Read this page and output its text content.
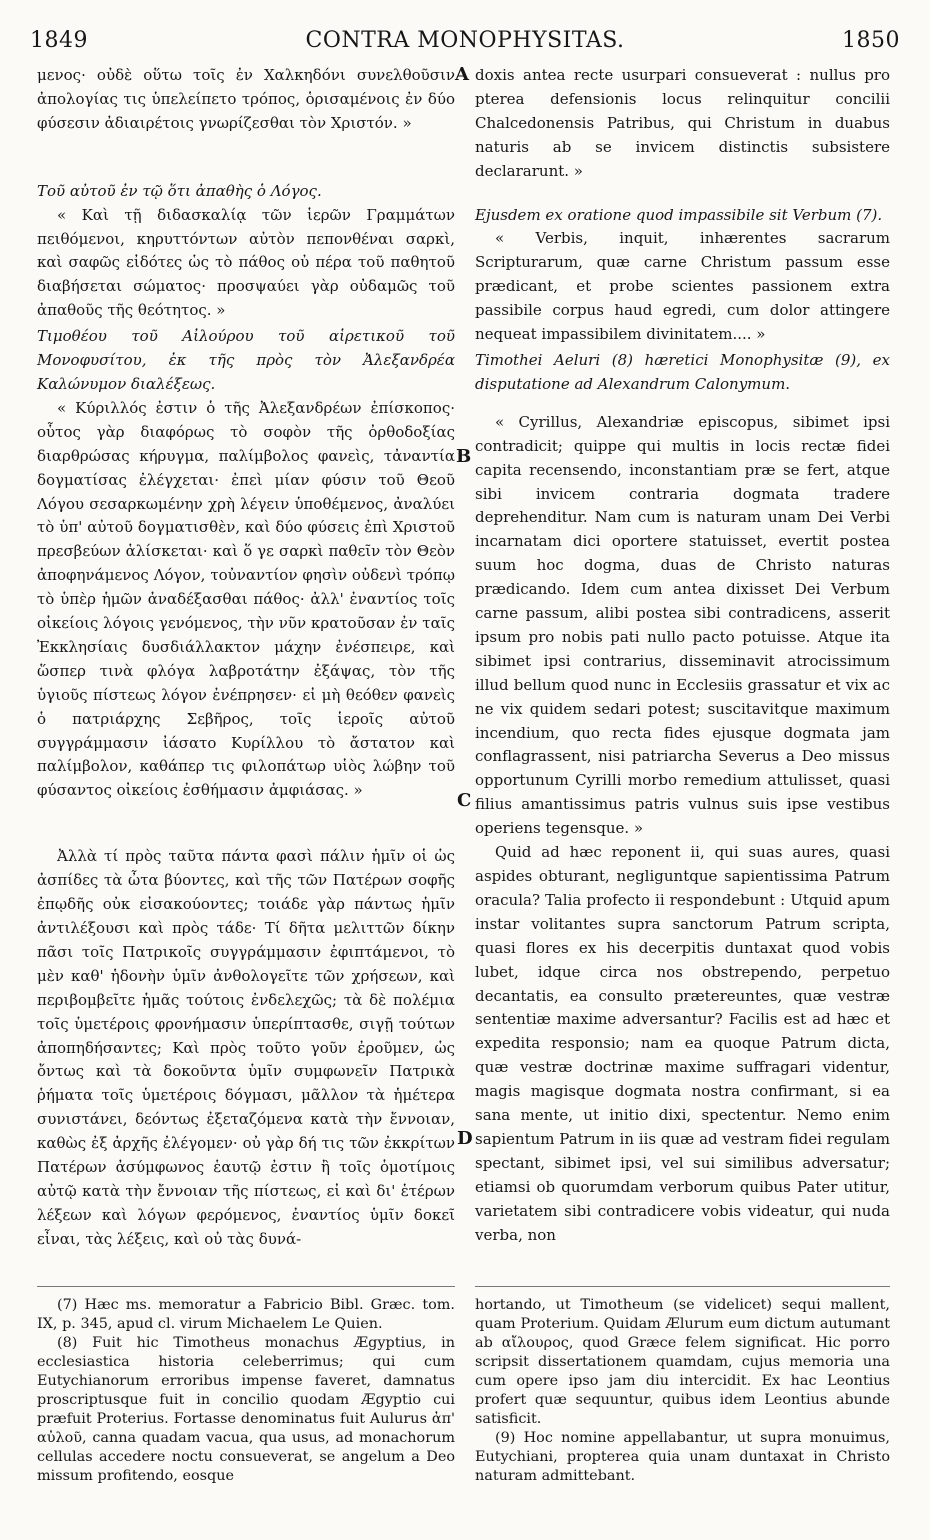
1849	CONTRA MONOPHYSITAS.	1850
A
B
C
D

μενος· οὐδὲ οὕτω τοῖς ἐν Χαλκηδόνι συνελθοῦσιν ἀπολογίας τις ὑπελείπετο τρόπος, ὁρισαμένοις ἐν δύο φύσεσιν ἀδιαιρέτοις γνωρίζεσθαι τὸν Χριστόν. »

Τοῦ αὐτοῦ ἐν τῷ ὅτι ἀπαθὴς ὁ Λόγος.

« Καὶ τῇ διδασκαλίᾳ τῶν ἱερῶν Γραμμάτων πειθόμενοι, κηρυττόντων αὐτὸν πεπονθέναι σαρκὶ, καὶ σαφῶς εἰδότες ὡς τὸ πάθος οὐ πέρα τοῦ παθητοῦ διαβήσεται σώματος· προσψαύει γὰρ οὐδαμῶς τοῦ ἀπαθοῦς τῆς θεότητος. »

Τιμοθέου τοῦ Αἰλούρου τοῦ αἱρετικοῦ τοῦ Μονοφυσίτου, ἐκ τῆς πρὸς τὸν Ἀλεξανδρέα Καλώνυμον διαλέξεως.

« Κύριλλός ἐστιν ὁ τῆς Ἀλεξανδρέων ἐπίσκοπος· οὗτος γὰρ διαφόρως τὸ σοφὸν τῆς ὀρθοδοξίας διαρθρώσας κήρυγμα, παλίμβολος φανεὶς, τἀναντία δογματίσας ἐλέγχεται· ἐπεὶ μίαν φύσιν τοῦ Θεοῦ Λόγου σεσαρκωμένην χρὴ λέγειν ὑποθέμενος, ἀναλύει τὸ ὑπ' αὐτοῦ δογματισθὲν, καὶ δύο φύσεις ἐπὶ Χριστοῦ πρεσβεύων ἁλίσκεται· καὶ ὅ γε σαρκὶ παθεῖν τὸν Θεὸν ἀποφηνάμενος Λόγον, τοὐναντίον φησὶν οὐδενὶ τρόπῳ τὸ ὑπὲρ ἡμῶν ἀναδέξασθαι πάθος· ἀλλ' ἐναντίος τοῖς οἰκείοις λόγοις γενόμενος, τὴν νῦν κρατοῦσαν ἐν ταῖς Ἐκκλησίαις δυσδιάλλακτον μάχην ἐνέσπειρε, καὶ ὥσπερ τινὰ φλόγα λαβροτάτην ἐξάψας, τὸν τῆς ὑγιοῦς πίστεως λόγον ἐνέπρησεν· εἰ μὴ θεόθεν φανεὶς ὁ πατριάρχης Σεβῆρος, τοῖς ἱεροῖς αὐτοῦ συγγράμμασιν ἰάσατο Κυρίλλου τὸ ἄστατον καὶ παλίμβολον, καθάπερ τις φιλοπάτωρ υἱὸς λώβην τοῦ φύσαντος οἰκείοις ἐσθήμασιν ἀμφιάσας. »

Ἀλλὰ τί πρὸς ταῦτα πάντα φασὶ πάλιν ἡμῖν οἱ ὡς ἀσπίδες τὰ ὦτα βύοντες, καὶ τῆς τῶν Πατέρων σοφῆς ἐπῳδῆς οὐκ εἰσακούοντες; τοιάδε γὰρ πάντως ἡμῖν ἀντιλέξουσι καὶ πρὸς τάδε· Τί δῆτα μελιττῶν δίκην πᾶσι τοῖς Πατρικοῖς συγγράμμασιν ἐφιπτάμενοι, τὸ μὲν καθ' ἡδονὴν ὑμῖν ἀνθολογεῖτε τῶν χρήσεων, καὶ περιβομβεῖτε ἡμᾶς τούτοις ἐνδελεχῶς; τὰ δὲ πολέμια τοῖς ὑμετέροις φρονήμασιν ὑπερίπτασθε, σιγῇ τούτων ἀποπηδήσαντες; Καὶ πρὸς τοῦτο γοῦν ἐροῦμεν, ὡς ὄντως καὶ τὰ δοκοῦντα ὑμῖν συμφωνεῖν Πατρικὰ ῥήματα τοῖς ὑμετέροις δόγμασι, μᾶλλον τὰ ἡμέτερα συνιστάνει, δεόντως ἐξεταζόμενα κατὰ τὴν ἔννοιαν, καθὼς ἐξ ἀρχῆς ἐλέγομεν· οὐ γὰρ δή τις τῶν ἐκκρίτων Πατέρων ἀσύμφωνος ἑαυτῷ ἐστιν ἢ τοῖς ὁμοτίμοις αὐτῷ κατὰ τὴν ἔννοιαν τῆς πίστεως, εἰ καὶ δι' ἑτέρων λέξεων καὶ λόγων φερόμενος, ἐναντίος ὑμῖν δοκεῖ εἶναι, τὰς λέξεις, καὶ οὐ τὰς δυνά-

doxis antea recte usurpari consueverat : nullus pro pterea defensionis locus relinquitur concilii Chalcedonensis Patribus, qui Christum in duabus naturis ab se invicem distinctis subsistere declararunt. »

Ejusdem ex oratione quod impassibile sit Verbum (7).

« Verbis, inquit, inhærentes sacrarum Scripturarum, quæ carne Christum passum esse prædicant, et probe scientes passionem extra passibile corpus haud egredi, cum dolor attingere nequeat impassibilem divinitatem.... »

Timothei Aeluri (8) hæretici Monophysitæ (9), ex disputatione ad Alexandrum Calonymum.

« Cyrillus, Alexandriæ episcopus, sibimet ipsi contradicit; quippe qui multis in locis rectæ fidei capita recensendo, inconstantiam præ se fert, atque sibi invicem contraria dogmata tradere deprehenditur. Nam cum is naturam unam Dei Verbi incarnatam dici oportere statuisset, evertit postea suum hoc dogma, duas de Christo naturas prædicando. Idem cum antea dixisset Dei Verbum carne passum, alibi postea sibi contradicens, asserit ipsum pro nobis pati nullo pacto potuisse. Atque ita sibimet ipsi contrarius, disseminavit atrocissimum illud bellum quod nunc in Ecclesiis grassatur et vix ac ne vix quidem sedari potest; suscitavitque maximum incendium, quo recta fides ejusque dogmata jam conflagrassent, nisi patriarcha Severus a Deo missus opportunum Cyrilli morbo remedium attulisset, quasi filius amantissimus patris vulnus suis ipse vestibus operiens tegensque. »

Quid ad hæc reponent ii, qui suas aures, quasi aspides obturant, negliguntque sapientissima Patrum oracula? Talia profecto ii respondebunt : Utquid apum instar volitantes supra sanctorum Patrum scripta, quasi flores ex his decerpitis duntaxat quod vobis lubet, idque circa nos obstrependo, perpetuo decantatis, ea consulto prætereuntes, quæ vestræ sententiæ maxime adversantur? Facilis est ad hæc et expedita responsio; nam ea quoque Patrum dicta, quæ vestræ doctrinæ maxime suffragari videntur, magis magisque dogmata nostra confirmant, si ea sana mente, ut initio dixi, spectentur. Nemo enim sapientum Patrum in iis quæ ad vestram fidei regulam spectant, sibimet ipsi, vel sui similibus adversatur; etiamsi ob quorumdam verborum quibus Pater utitur, varietatem sibi contradicere vobis videatur, qui nuda verba, non

(7) Hæc ms. memoratur a Fabricio Bibl. Græc. tom. IX, p. 345, apud cl. virum Michaelem Le Quien.

(8) Fuit hic Timotheus monachus Ægyptius, in ecclesiastica historia celeberrimus; qui cum Eutychianorum erroribus impense faveret, damnatus proscriptusque fuit in concilio quodam Ægyptio cui præfuit Proterius. Fortasse denominatus fuit Aulurus ἀπ' αὐλοῦ, canna quadam vacua, qua usus, ad monachorum cellulas accedere noctu consueverat, se angelum a Deo missum profitendo, eosque

hortando, ut Timotheum (se videlicet) sequi mallent, quam Proterium. Quidam Ælurum eum dictum autumant ab αἴλουρος, quod Græce felem significat. Hic porro scripsit dissertationem quamdam, cujus memoria una cum opere ipso jam diu intercidit. Ex hac Leontius profert quæ sequuntur, quibus idem Leontius abunde satisficit.

(9) Hoc nomine appellabantur, ut supra monuimus, Eutychiani, propterea quia unam duntaxat in Christo naturam admittebant.
